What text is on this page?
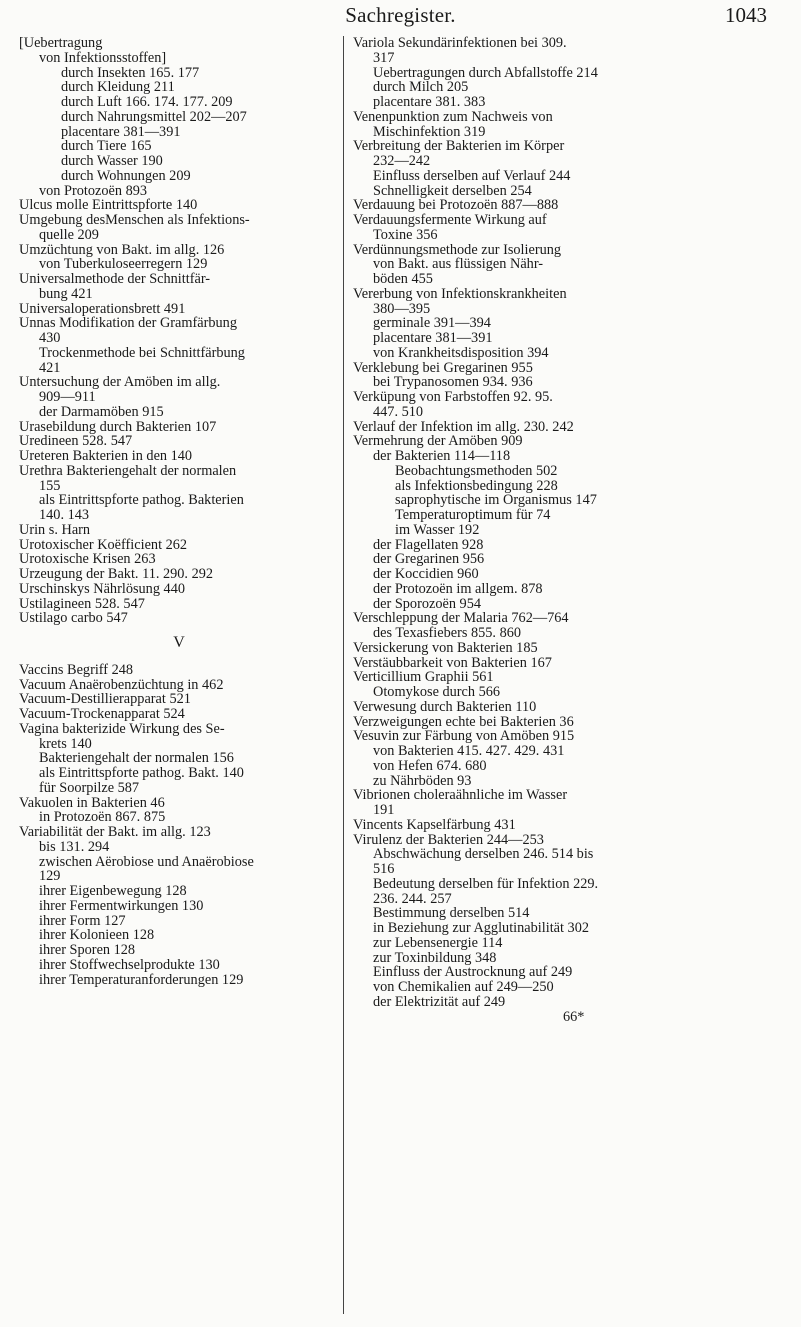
Sachregister.	1043
[Uebertragung
von Infektionsstoffen]
durch Insekten 165. 177
durch Kleidung 211
durch Luft 166. 174. 177. 209
durch Nahrungsmittel 202—207
placentare 381—391
durch Tiere 165
durch Wasser 190
durch Wohnungen 209
von Protozoën 893
Ulcus molle Eintrittspforte 140
Umgebung desMenschen als Infektions-
quelle 209
Umzüchtung von Bakt. im allg. 126
von Tuberkuloseerregern 129
Universalmethode der Schnittfär-
bung 421
Universaloperationsbrett 491
Unnas Modifikation der Gramfärbung
430
Trockenmethode bei Schnittfärbung
421
Untersuchung der Amöben im allg.
909—911
der Darmamöben 915
Urasebildung durch Bakterien 107
Uredineen 528. 547
Ureteren Bakterien in den 140
Urethra Bakteriengehalt der normalen
155
als Eintrittspforte pathog. Bakterien
140. 143
Urin s. Harn
Urotoxischer Koëfficient 262
Urotoxische Krisen 263
Urzeugung der Bakt. 11. 290. 292
Urschinskys Nährlösung 440
Ustilagineen 528. 547
Ustilago carbo 547
V
Vaccins Begriff 248
Vacuum Anaërobenzüchtung in 462
Vacuum-Destillierapparat 521
Vacuum-Trockenapparat 524
Vagina bakterizide Wirkung des Se-
krets 140
Bakteriengehalt der normalen 156
als Eintrittspforte pathog. Bakt. 140
für Soorpilze 587
Vakuolen in Bakterien 46
in Protozoën 867. 875
Variabilität der Bakt. im allg. 123
bis 131. 294
zwischen Aërobiose und Anaërobiose
129
ihrer Eigenbewegung 128
ihrer Fermentwirkungen 130
ihrer Form 127
ihrer Kolonieen 128
ihrer Sporen 128
ihrer Stoffwechselprodukte 130
ihrer Temperaturanforderungen 129
Variola Sekundärinfektionen bei 309.
317
Uebertragungen durch Abfallstoffe 214
durch Milch 205
placentare 381. 383
Venenpunktion zum Nachweis von
Mischinfektion 319
Verbreitung der Bakterien im Körper
232—242
Einfluss derselben auf Verlauf 244
Schnelligkeit derselben 254
Verdauung bei Protozoën 887—888
Verdauungsfermente Wirkung auf
Toxine 356
Verdünnungsmethode zur Isolierung
von Bakt. aus flüssigen Nähr-
böden 455
Vererbung von Infektionskrankheiten
380—395
germinale 391—394
placentare 381—391
von Krankheitsdisposition 394
Verklebung bei Gregarinen 955
bei Trypanosomen 934. 936
Verküpung von Farbstoffen 92. 95.
447. 510
Verlauf der Infektion im allg. 230. 242
Vermehrung der Amöben 909
der Bakterien 114—118
Beobachtungsmethoden 502
als Infektionsbedingung 228
saprophytische im Organismus 147
Temperaturoptimum für 74
im Wasser 192
der Flagellaten 928
der Gregarinen 956
der Koccidien 960
der Protozoën im allgem. 878
der Sporozoën 954
Verschleppung der Malaria 762—764
des Texasfiebers 855. 860
Versickerung von Bakterien 185
Verstäubbarkeit von Bakterien 167
Verticillium Graphii 561
Otomykose durch 566
Verwesung durch Bakterien 110
Verzweigungen echte bei Bakterien 36
Vesuvin zur Färbung von Amöben 915
von Bakterien 415. 427. 429. 431
von Hefen 674. 680
zu Nährböden 93
Vibrionen choleraähnliche im Wasser
191
Vincents Kapselfärbung 431
Virulenz der Bakterien 244—253
Abschwächung derselben 246. 514 bis
516
Bedeutung derselben für Infektion 229.
236. 244. 257
Bestimmung derselben 514
in Beziehung zur Agglutinabilität 302
zur Lebensenergie 114
zur Toxinbildung 348
Einfluss der Austrocknung auf 249
von Chemikalien auf 249—250
der Elektrizität auf 249
66*
